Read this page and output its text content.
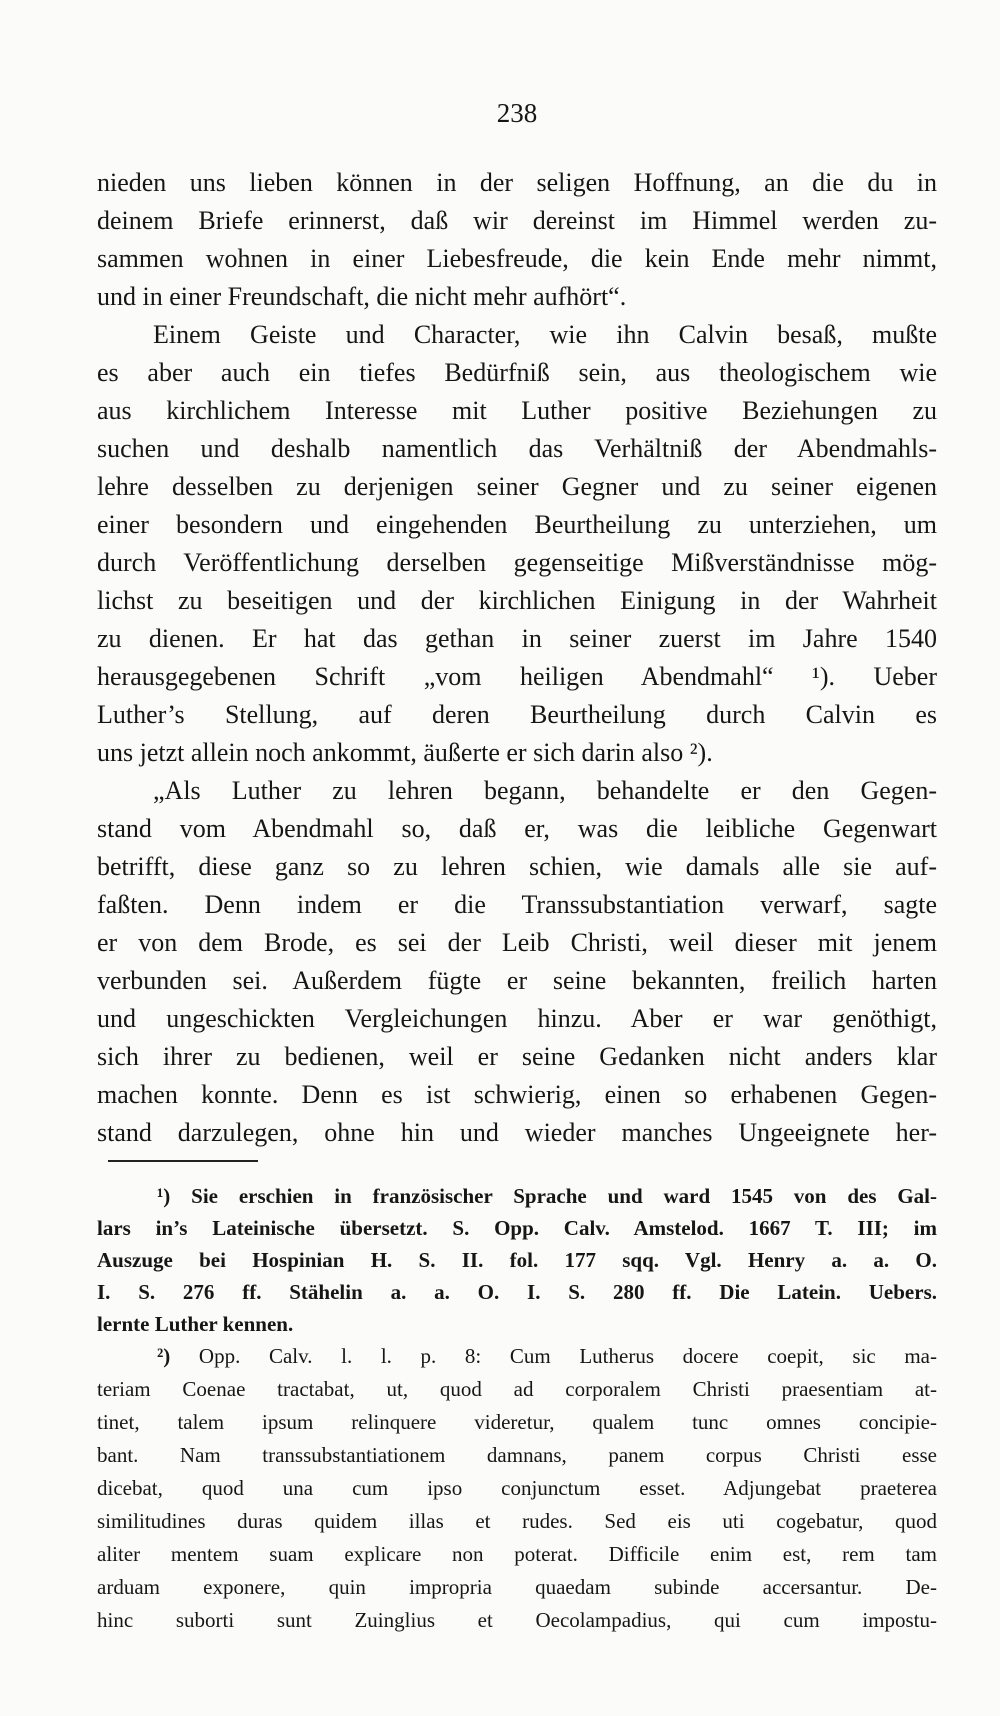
238
nieden uns lieben können in der seligen Hoffnung, an die du in
deinem Briefe erinnerst, daß wir dereinst im Himmel werden zu-
sammen wohnen in einer Liebesfreude, die kein Ende mehr nimmt,
und in einer Freundschaft, die nicht mehr aufhört“.
Einem Geiste und Character, wie ihn Calvin besaß, mußte
es aber auch ein tiefes Bedürfniß sein, aus theologischem wie
aus kirchlichem Interesse mit Luther positive Beziehungen zu
suchen und deshalb namentlich das Verhältniß der Abendmahls-
lehre desselben zu derjenigen seiner Gegner und zu seiner eigenen
einer besondern und eingehenden Beurtheilung zu unterziehen, um
durch Veröffentlichung derselben gegenseitige Mißverständnisse mög-
lichst zu beseitigen und der kirchlichen Einigung in der Wahrheit
zu dienen. Er hat das gethan in seiner zuerst im Jahre 1540
herausgegebenen Schrift „vom heiligen Abendmahl“ ¹). Ueber
Luther’s Stellung, auf deren Beurtheilung durch Calvin es
uns jetzt allein noch ankommt, äußerte er sich darin also ²).
„Als Luther zu lehren begann, behandelte er den Gegen-
stand vom Abendmahl so, daß er, was die leibliche Gegenwart
betrifft, diese ganz so zu lehren schien, wie damals alle sie auf-
faßten. Denn indem er die Transsubstantiation verwarf, sagte
er von dem Brode, es sei der Leib Christi, weil dieser mit jenem
verbunden sei. Außerdem fügte er seine bekannten, freilich harten
und ungeschickten Vergleichungen hinzu. Aber er war genöthigt,
sich ihrer zu bedienen, weil er seine Gedanken nicht anders klar
machen konnte. Denn es ist schwierig, einen so erhabenen Gegen-
stand darzulegen, ohne hin und wieder manches Ungeeignete her-
¹) Sie erschien in französischer Sprache und ward 1545 von des Gal-
lars in’s Lateinische übersetzt. S. Opp. Calv. Amstelod. 1667 T. III; im
Auszuge bei Hospinian H. S. II. fol. 177 sqq. Vgl. Henry a. a. O.
I. S. 276 ff. Stähelin a. a. O. I. S. 280 ff. Die Latein. Uebers.
lernte Luther kennen.
²) Opp. Calv. l. l. p. 8: Cum Lutherus docere coepit, sic ma-
teriam Coenae tractabat, ut, quod ad corporalem Christi praesentiam at-
tinet, talem ipsum relinquere videretur, qualem tunc omnes concipie-
bant. Nam transsubstantiationem damnans, panem corpus Christi esse
dicebat, quod una cum ipso conjunctum esset. Adjungebat praeterea
similitudines duras quidem illas et rudes. Sed eis uti cogebatur, quod
aliter mentem suam explicare non poterat. Difficile enim est, rem tam
arduam exponere, quin impropria quaedam subinde accersantur. De-
hinc suborti sunt Zuinglius et Oecolampadius, qui cum impostu-
